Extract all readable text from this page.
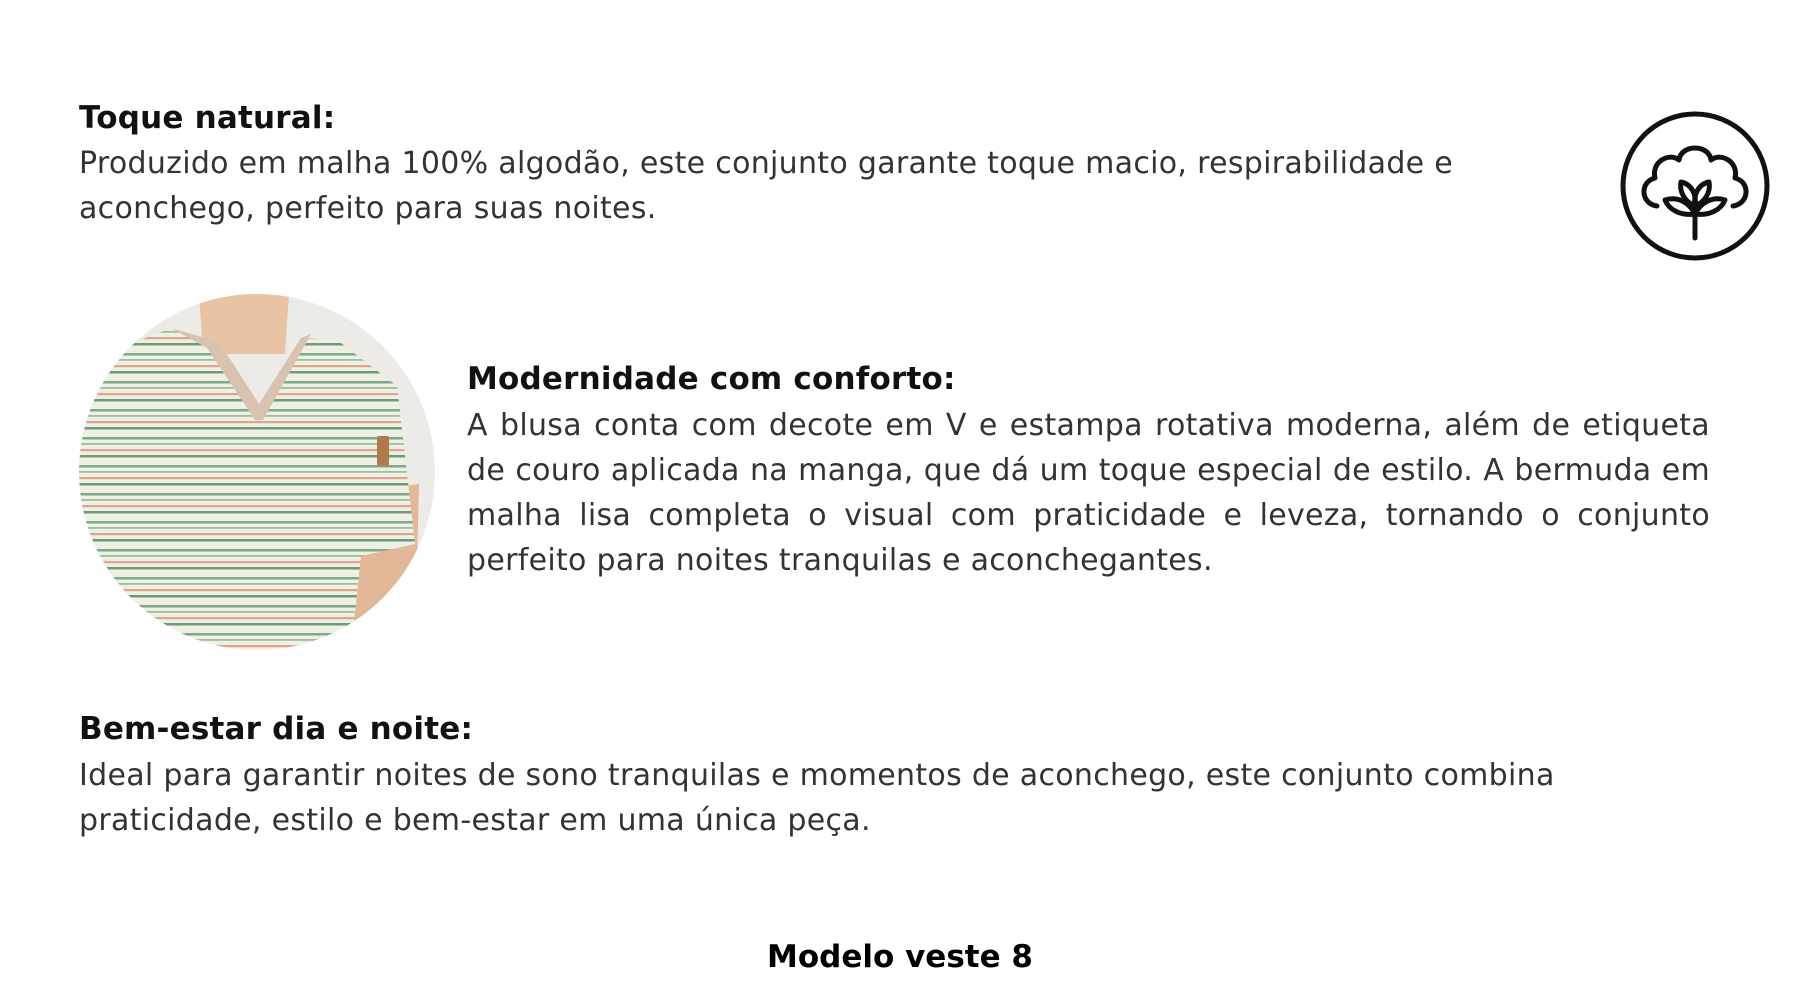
Toque natural:

Produzido em malha 100% algodão, este conjunto garante toque macio, respirabilidade e aconchego, perfeito para suas noites.

Modernidade com conforto:

A blusa conta com decote em V e estampa rotativa moderna, além de etiqueta de couro aplicada na manga, que dá um toque especial de estilo. A bermuda em malha lisa completa o visual com praticidade e leveza, tornando o conjunto perfeito para noites tranquilas e aconchegantes.

Bem-estar dia e noite:

Ideal para garantir noites de sono tranquilas e momentos de aconchego, este conjunto combina praticidade, estilo e bem-estar em uma única peça.

Modelo veste 8
